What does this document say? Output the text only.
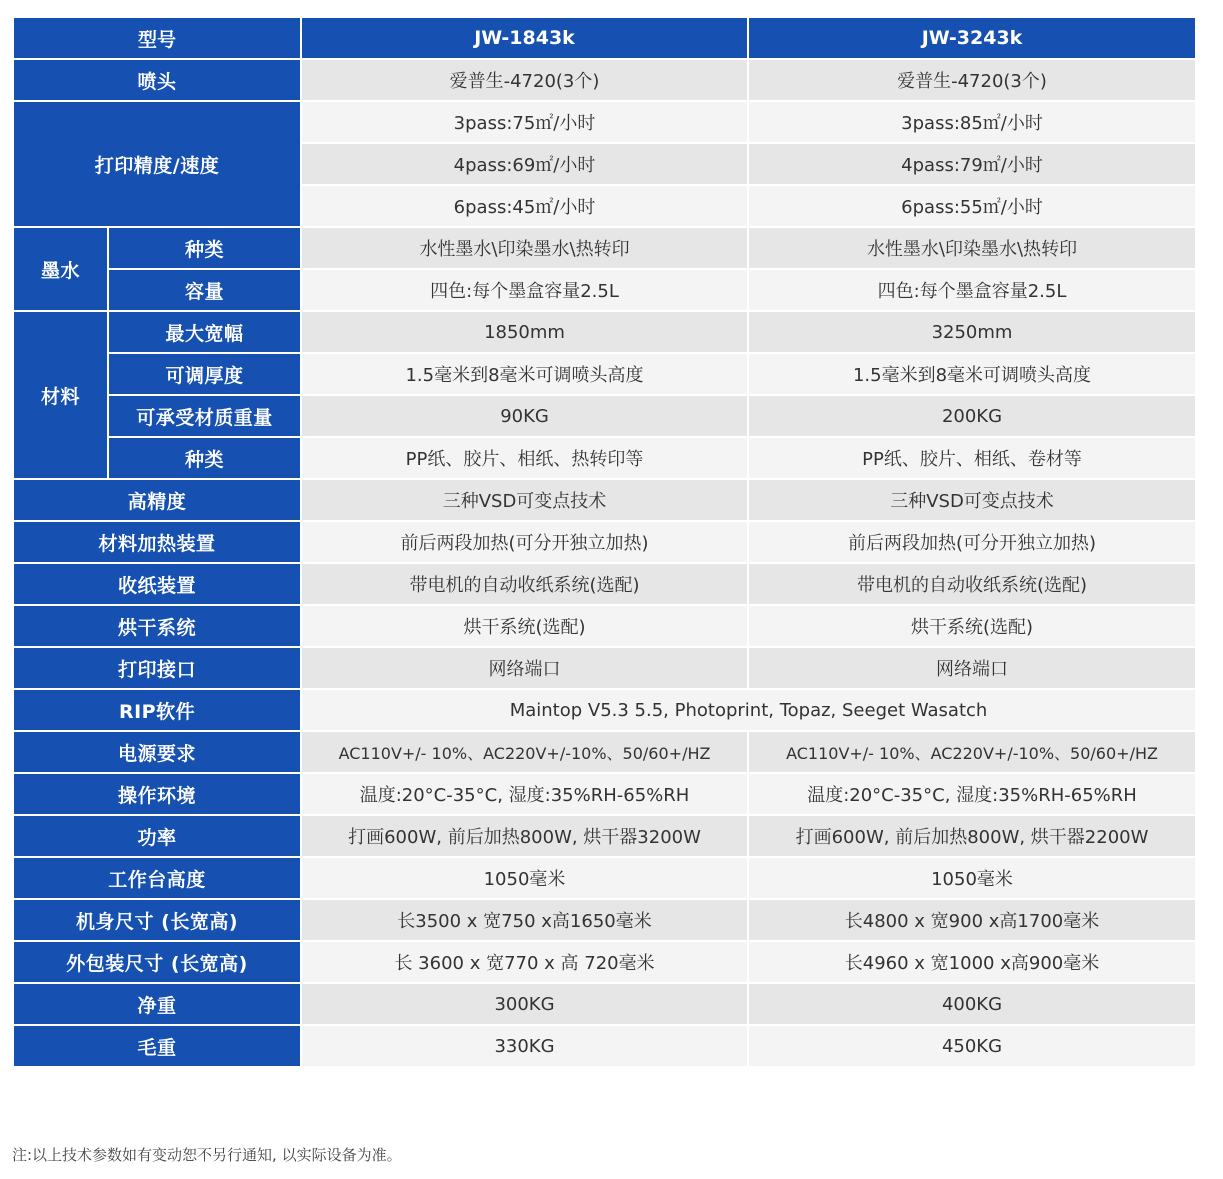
型号		JW-1843k	JW-3243k
喷头		爱普生-4720(3个)	爱普生-4720(3个)
打印精度/速度		3pass:75㎡/小时	3pass:85㎡/小时
		4pass:69㎡/小时	4pass:79㎡/小时
		6pass:45㎡/小时	6pass:55㎡/小时
墨水	种类	水性墨水\印染墨水\热转印	水性墨水\印染墨水\热转印
	容量	四色:每个墨盒容量2.5L	四色:每个墨盒容量2.5L
材料	最大宽幅	1850mm	3250mm
	可调厚度	1.5毫米到8毫米可调喷头高度	1.5毫米到8毫米可调喷头高度
	可承受材质重量	90KG	200KG
	种类	PP纸、胶片、相纸、热转印等	PP纸、胶片、相纸、卷材等
高精度		三种VSD可变点技术	三种VSD可变点技术
材料加热装置		前后两段加热(可分开独立加热)	前后两段加热(可分开独立加热)
收纸装置		带电机的自动收纸系统(选配)	带电机的自动收纸系统(选配)
烘干系统		烘干系统(选配)	烘干系统(选配)
打印接口		网络端口	网络端口
RIP软件		Maintop V5.3 5.5, Photoprint, Topaz, Seeget Wasatch	
电源要求		AC110V+/- 10%、AC220V+/-10%、50/60+/HZ	AC110V+/- 10%、AC220V+/-10%、50/60+/HZ
操作环境		温度:20°C-35°C, 湿度:35%RH-65%RH	温度:20°C-35°C, 湿度:35%RH-65%RH
功率		打画600W, 前后加热800W, 烘干器3200W	打画600W, 前后加热800W, 烘干器2200W
工作台高度		1050毫米	1050毫米
机身尺寸 (长宽高)		长3500 x 宽750 x高1650毫米	长4800 x 宽900 x高1700毫米
外包装尺寸 (长宽高)		长 3600 x 宽770 x 高 720毫米	长4960 x 宽1000 x高900毫米
净重		300KG	400KG
毛重		330KG	450KG
注:以上技术参数如有变动恕不另行通知, 以实际设备为准。
